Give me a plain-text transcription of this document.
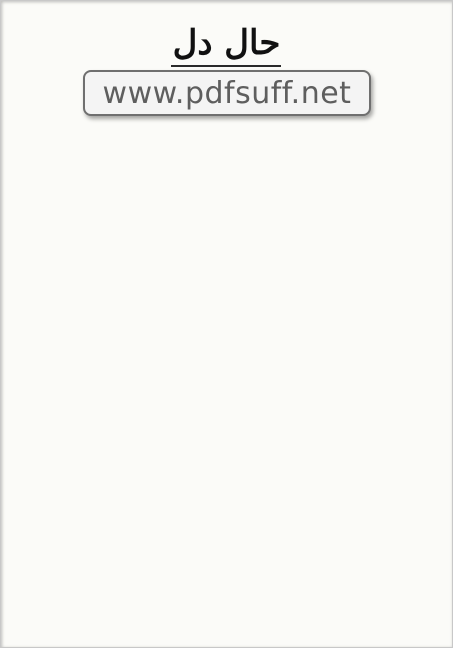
حال دل
www.pdfsuff.net
